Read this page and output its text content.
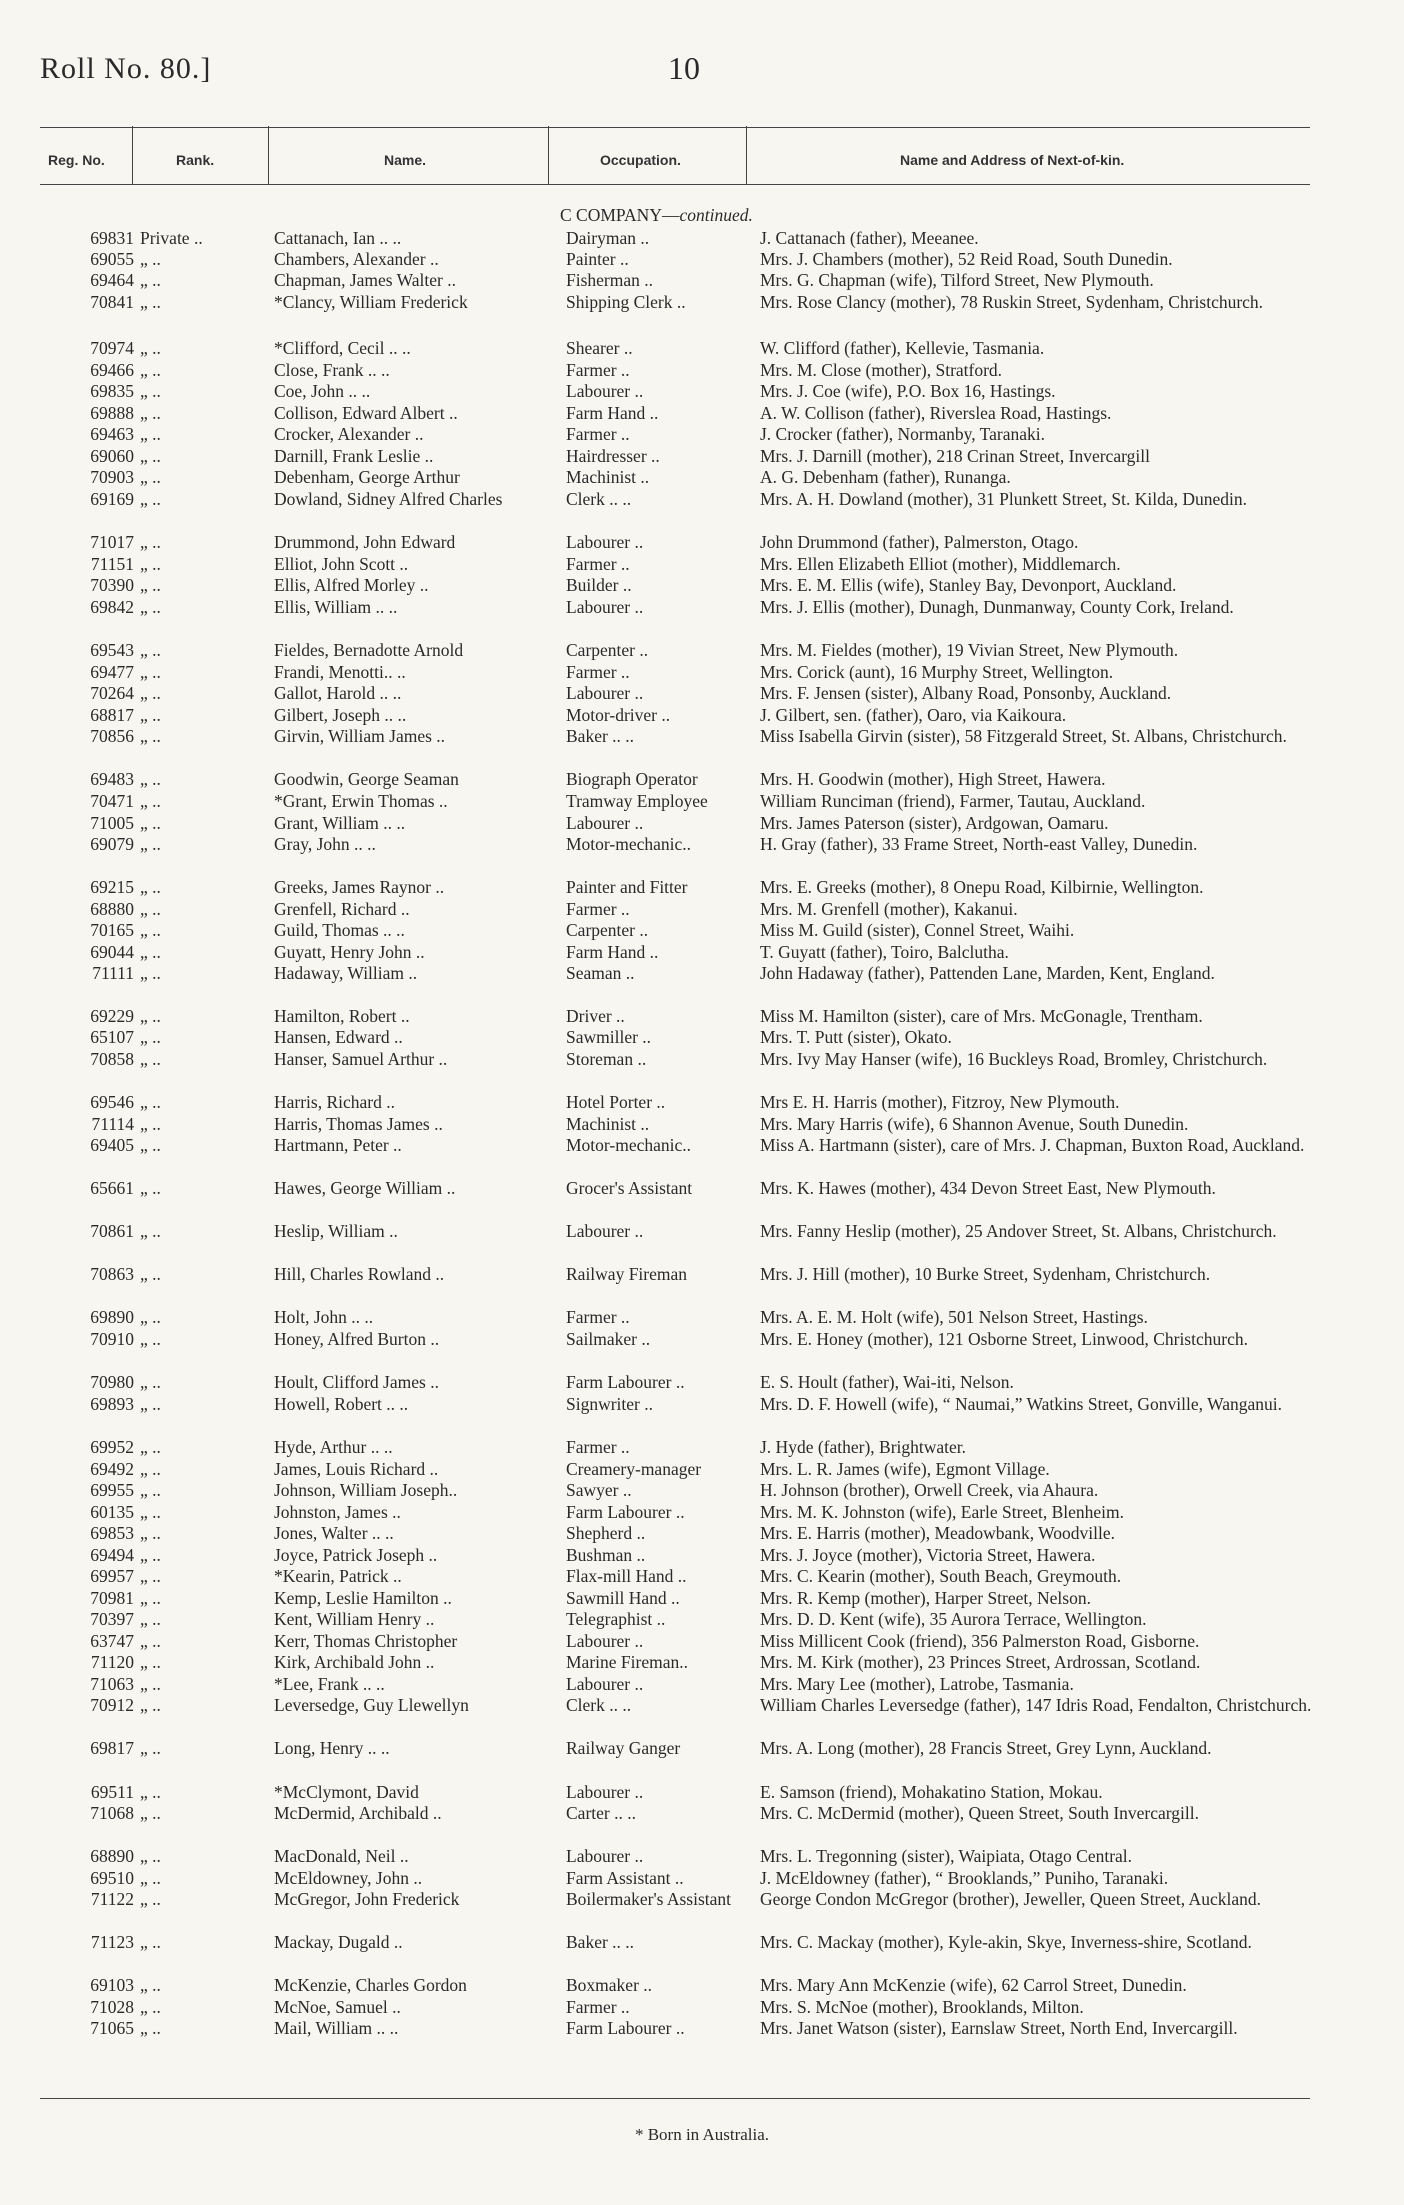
Roll No. 80.]	10
Reg. No.	Rank.	Name.	Occupation.	Name and Address of Next-of-kin.
C COMPANY—continued.
69831 Private ..	Cattanach, Ian .. ..	Dairyman ..	J. Cattanach (father), Meeanee.
69055 „ ..	Chambers, Alexander ..	Painter ..	Mrs. J. Chambers (mother), 52 Reid Road, South Dunedin.
69464 „ ..	Chapman, James Walter ..	Fisherman ..	Mrs. G. Chapman (wife), Tilford Street, New Plymouth.
70841 „ ..	*Clancy, William Frederick	Shipping Clerk ..	Mrs. Rose Clancy (mother), 78 Ruskin Street, Sydenham, Christchurch.
70974 „ ..	*Clifford, Cecil .. ..	Shearer ..	W. Clifford (father), Kellevie, Tasmania.
69466 „ ..	Close, Frank .. ..	Farmer ..	Mrs. M. Close (mother), Stratford.
69835 „ ..	Coe, John .. ..	Labourer ..	Mrs. J. Coe (wife), P.O. Box 16, Hastings.
69888 „ ..	Collison, Edward Albert ..	Farm Hand ..	A. W. Collison (father), Riverslea Road, Hastings.
69463 „ ..	Crocker, Alexander ..	Farmer ..	J. Crocker (father), Normanby, Taranaki.
69060 „ ..	Darnill, Frank Leslie ..	Hairdresser ..	Mrs. J. Darnill (mother), 218 Crinan Street, Invercargill
70903 „ ..	Debenham, George Arthur	Machinist ..	A. G. Debenham (father), Runanga.
69169 „ ..	Dowland, Sidney Alfred Charles	Clerk .. ..	Mrs. A. H. Dowland (mother), 31 Plunkett Street, St. Kilda, Dunedin.
71017 „ ..	Drummond, John Edward	Labourer ..	John Drummond (father), Palmerston, Otago.
71151 „ ..	Elliot, John Scott ..	Farmer ..	Mrs. Ellen Elizabeth Elliot (mother), Middlemarch.
70390 „ ..	Ellis, Alfred Morley ..	Builder ..	Mrs. E. M. Ellis (wife), Stanley Bay, Devonport, Auckland.
69842 „ ..	Ellis, William .. ..	Labourer ..	Mrs. J. Ellis (mother), Dunagh, Dunmanway, County Cork, Ireland.
69543 „ ..	Fieldes, Bernadotte Arnold	Carpenter ..	Mrs. M. Fieldes (mother), 19 Vivian Street, New Plymouth.
69477 „ ..	Frandi, Menotti.. ..	Farmer ..	Mrs. Corick (aunt), 16 Murphy Street, Wellington.
70264 „ ..	Gallot, Harold .. ..	Labourer ..	Mrs. F. Jensen (sister), Albany Road, Ponsonby, Auckland.
68817 „ ..	Gilbert, Joseph .. ..	Motor-driver ..	J. Gilbert, sen. (father), Oaro, via Kaikoura.
70856 „ ..	Girvin, William James ..	Baker .. ..	Miss Isabella Girvin (sister), 58 Fitzgerald Street, St. Albans, Christchurch.
69483 „ ..	Goodwin, George Seaman	Biograph Operator	Mrs. H. Goodwin (mother), High Street, Hawera.
70471 „ ..	*Grant, Erwin Thomas ..	Tramway Employee	William Runciman (friend), Farmer, Tautau, Auckland.
71005 „ ..	Grant, William .. ..	Labourer ..	Mrs. James Paterson (sister), Ardgowan, Oamaru.
69079 „ ..	Gray, John .. ..	Motor-mechanic..	H. Gray (father), 33 Frame Street, North-east Valley, Dunedin.
69215 „ ..	Greeks, James Raynor ..	Painter and Fitter	Mrs. E. Greeks (mother), 8 Onepu Road, Kilbirnie, Wellington.
68880 „ ..	Grenfell, Richard ..	Farmer ..	Mrs. M. Grenfell (mother), Kakanui.
70165 „ ..	Guild, Thomas .. ..	Carpenter ..	Miss M. Guild (sister), Connel Street, Waihi.
69044 „ ..	Guyatt, Henry John ..	Farm Hand ..	T. Guyatt (father), Toiro, Balclutha.
71111 „ ..	Hadaway, William ..	Seaman ..	John Hadaway (father), Pattenden Lane, Marden, Kent, England.
69229 „ ..	Hamilton, Robert ..	Driver ..	Miss M. Hamilton (sister), care of Mrs. McGonagle, Trentham.
65107 „ ..	Hansen, Edward ..	Sawmiller ..	Mrs. T. Putt (sister), Okato.
70858 „ ..	Hanser, Samuel Arthur ..	Storeman ..	Mrs. Ivy May Hanser (wife), 16 Buckleys Road, Bromley, Christchurch.
69546 „ ..	Harris, Richard ..	Hotel Porter ..	Mrs E. H. Harris (mother), Fitzroy, New Plymouth.
71114 „ ..	Harris, Thomas James ..	Machinist ..	Mrs. Mary Harris (wife), 6 Shannon Avenue, South Dunedin.
69405 „ ..	Hartmann, Peter ..	Motor-mechanic..	Miss A. Hartmann (sister), care of Mrs. J. Chapman, Buxton Road, Auckland.
65661 „ ..	Hawes, George William ..	Grocer's Assistant	Mrs. K. Hawes (mother), 434 Devon Street East, New Plymouth.
70861 „ ..	Heslip, William ..	Labourer ..	Mrs. Fanny Heslip (mother), 25 Andover Street, St. Albans, Christchurch.
70863 „ ..	Hill, Charles Rowland ..	Railway Fireman	Mrs. J. Hill (mother), 10 Burke Street, Sydenham, Christchurch.
69890 „ ..	Holt, John .. ..	Farmer ..	Mrs. A. E. M. Holt (wife), 501 Nelson Street, Hastings.
70910 „ ..	Honey, Alfred Burton ..	Sailmaker ..	Mrs. E. Honey (mother), 121 Osborne Street, Linwood, Christchurch.
70980 „ ..	Hoult, Clifford James ..	Farm Labourer ..	E. S. Hoult (father), Wai-iti, Nelson.
69893 „ ..	Howell, Robert .. ..	Signwriter ..	Mrs. D. F. Howell (wife), “ Naumai,” Watkins Street, Gonville, Wanganui.
69952 „ ..	Hyde, Arthur .. ..	Farmer ..	J. Hyde (father), Brightwater.
69492 „ ..	James, Louis Richard ..	Creamery-manager	Mrs. L. R. James (wife), Egmont Village.
69955 „ ..	Johnson, William Joseph..	Sawyer ..	H. Johnson (brother), Orwell Creek, via Ahaura.
60135 „ ..	Johnston, James ..	Farm Labourer ..	Mrs. M. K. Johnston (wife), Earle Street, Blenheim.
69853 „ ..	Jones, Walter .. ..	Shepherd ..	Mrs. E. Harris (mother), Meadowbank, Woodville.
69494 „ ..	Joyce, Patrick Joseph ..	Bushman ..	Mrs. J. Joyce (mother), Victoria Street, Hawera.
69957 „ ..	*Kearin, Patrick ..	Flax-mill Hand ..	Mrs. C. Kearin (mother), South Beach, Greymouth.
70981 „ ..	Kemp, Leslie Hamilton ..	Sawmill Hand ..	Mrs. R. Kemp (mother), Harper Street, Nelson.
70397 „ ..	Kent, William Henry ..	Telegraphist ..	Mrs. D. D. Kent (wife), 35 Aurora Terrace, Wellington.
63747 „ ..	Kerr, Thomas Christopher	Labourer ..	Miss Millicent Cook (friend), 356 Palmerston Road, Gisborne.
71120 „ ..	Kirk, Archibald John ..	Marine Fireman..	Mrs. M. Kirk (mother), 23 Princes Street, Ardrossan, Scotland.
71063 „ ..	*Lee, Frank .. ..	Labourer ..	Mrs. Mary Lee (mother), Latrobe, Tasmania.
70912 „ ..	Leversedge, Guy Llewellyn	Clerk .. ..	William Charles Leversedge (father), 147 Idris Road, Fendalton, Christchurch.
69817 „ ..	Long, Henry .. ..	Railway Ganger	Mrs. A. Long (mother), 28 Francis Street, Grey Lynn, Auckland.
69511 „ ..	*McClymont, David	Labourer ..	E. Samson (friend), Mohakatino Station, Mokau.
71068 „ ..	McDermid, Archibald ..	Carter .. ..	Mrs. C. McDermid (mother), Queen Street, South Invercargill.
68890 „ ..	MacDonald, Neil ..	Labourer ..	Mrs. L. Tregonning (sister), Waipiata, Otago Central.
69510 „ ..	McEldowney, John ..	Farm Assistant ..	J. McEldowney (father), “ Brooklands,” Puniho, Taranaki.
71122 „ ..	McGregor, John Frederick	Boilermaker's Assistant	George Condon McGregor (brother), Jeweller, Queen Street, Auckland.
71123 „ ..	Mackay, Dugald ..	Baker .. ..	Mrs. C. Mackay (mother), Kyle-akin, Skye, Inverness-shire, Scotland.
69103 „ ..	McKenzie, Charles Gordon	Boxmaker ..	Mrs. Mary Ann McKenzie (wife), 62 Carrol Street, Dunedin.
71028 „ ..	McNoe, Samuel ..	Farmer ..	Mrs. S. McNoe (mother), Brooklands, Milton.
71065 „ ..	Mail, William .. ..	Farm Labourer ..	Mrs. Janet Watson (sister), Earnslaw Street, North End, Invercargill.
* Born in Australia.
